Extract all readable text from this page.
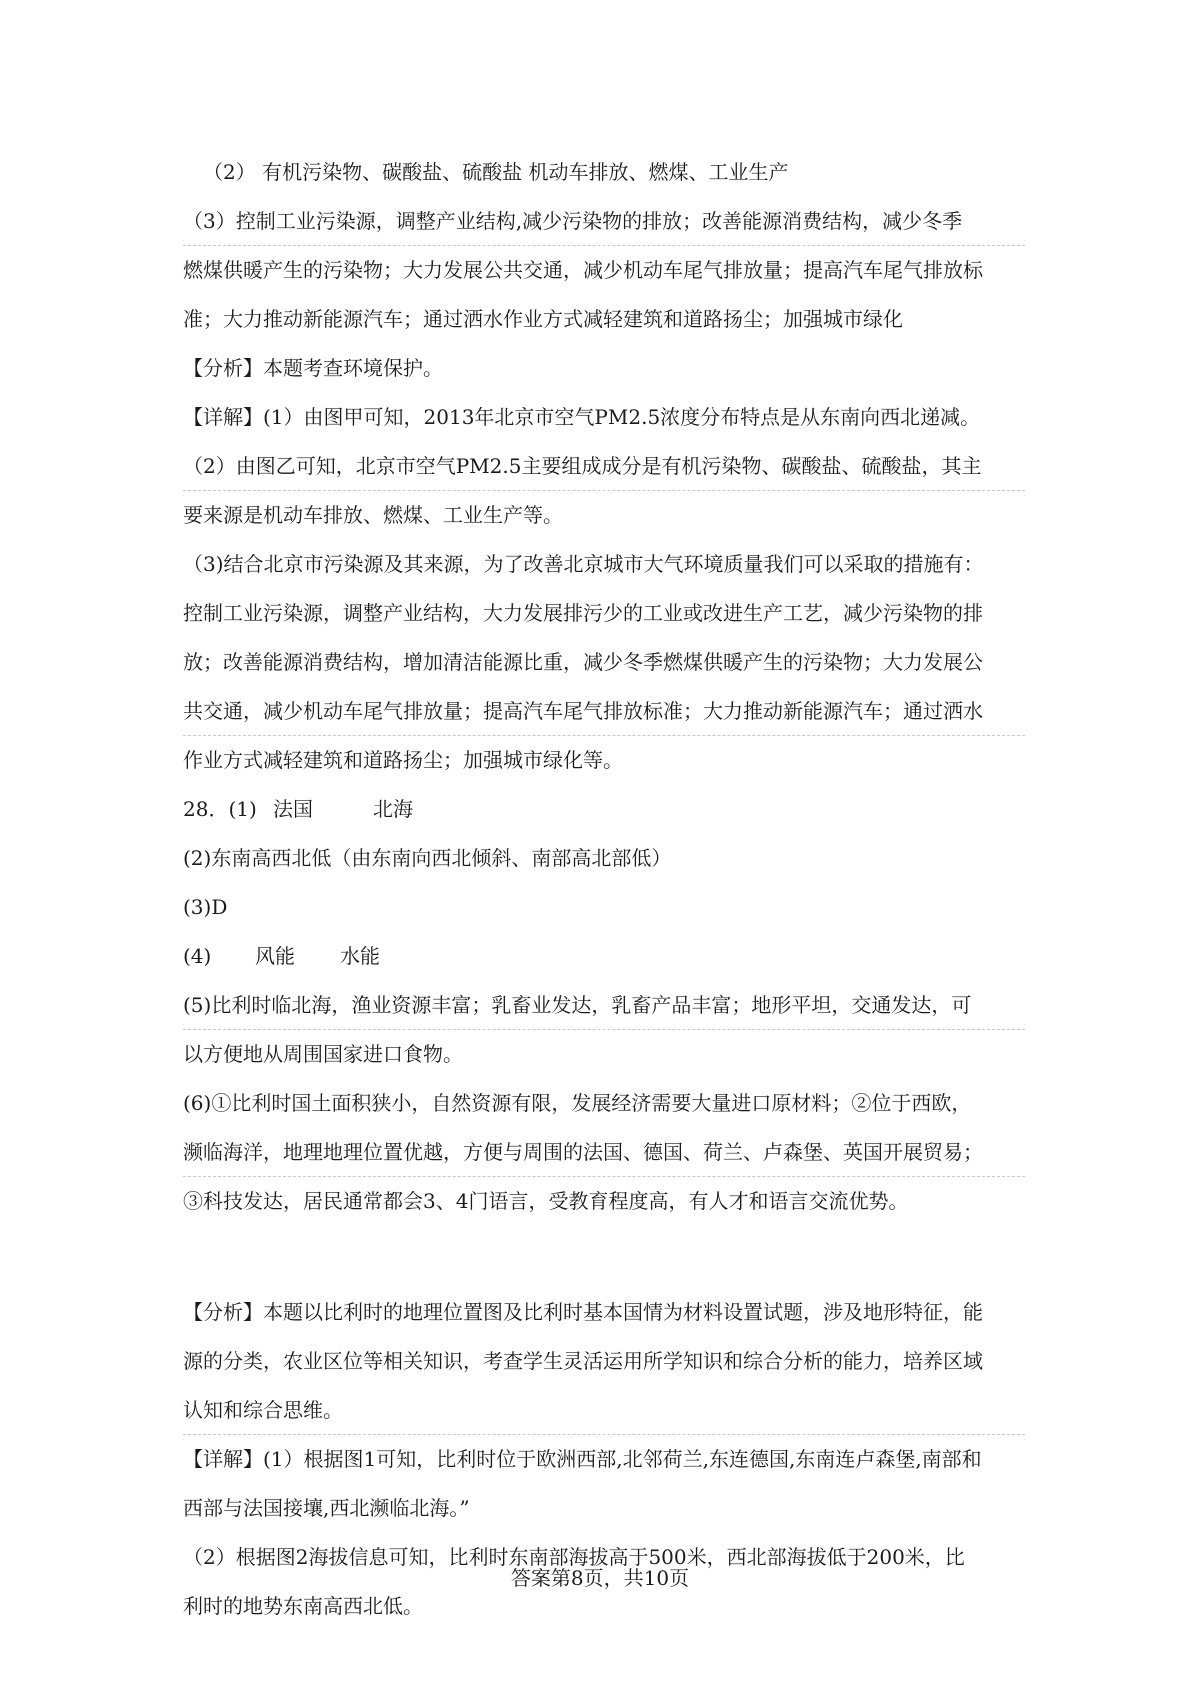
（2） 有机污染物、碳酸盐、硫酸盐 机动车排放、燃煤、工业生产
（3）控制工业污染源，调整产业结构,减少污染物的排放；改善能源消费结构，减少冬季
燃煤供暖产生的污染物；大力发展公共交通，减少机动车尾气排放量；提高汽车尾气排放标
准；大力推动新能源汽车；通过洒水作业方式减轻建筑和道路扬尘；加强城市绿化
【分析】本题考查环境保护。
【详解】(1）由图甲可知，2013年北京市空气PM2.5浓度分布特点是从东南向西北递减。
（2）由图乙可知，北京市空气PM2.5主要组成成分是有机污染物、碳酸盐、硫酸盐，其主
要来源是机动车排放、燃煤、工业生产等。
（3)结合北京市污染源及其来源，为了改善北京城市大气环境质量我们可以采取的措施有：
控制工业污染源，调整产业结构，大力发展排污少的工业或改进生产工艺，减少污染物的排
放；改善能源消费结构，增加清洁能源比重，减少冬季燃煤供暖产生的污染物；大力发展公
共交通，减少机动车尾气排放量；提高汽车尾气排放标准；大力推动新能源汽车；通过洒水
作业方式减轻建筑和道路扬尘；加强城市绿化等。
28．(1) 法国	北海
(2)东南高西北低（由东南向西北倾斜、南部高北部低）
(3)D
(4) 风能 水能
(5)比利时临北海，渔业资源丰富；乳畜业发达，乳畜产品丰富；地形平坦，交通发达，可
以方便地从周围国家进口食物。
(6)①比利时国土面积狭小，自然资源有限，发展经济需要大量进口原材料；②位于西欧，
濒临海洋，地理地理位置优越，方便与周围的法国、德国、荷兰、卢森堡、英国开展贸易；
③科技发达，居民通常都会3、4门语言，受教育程度高，有人才和语言交流优势。
【分析】本题以比利时的地理位置图及比利时基本国情为材料设置试题，涉及地形特征，能
源的分类，农业区位等相关知识，考查学生灵活运用所学知识和综合分析的能力，培养区域
认知和综合思维。
【详解】(1）根据图1可知，比利时位于欧洲西部,北邻荷兰,东连德国,东南连卢森堡,南部和
西部与法国接壤,西北濒临北海。”
（2）根据图2海拔信息可知，比利时东南部海拔高于500米，西北部海拔低于200米，比
利时的地势东南高西北低。
答案第8页，共10页
